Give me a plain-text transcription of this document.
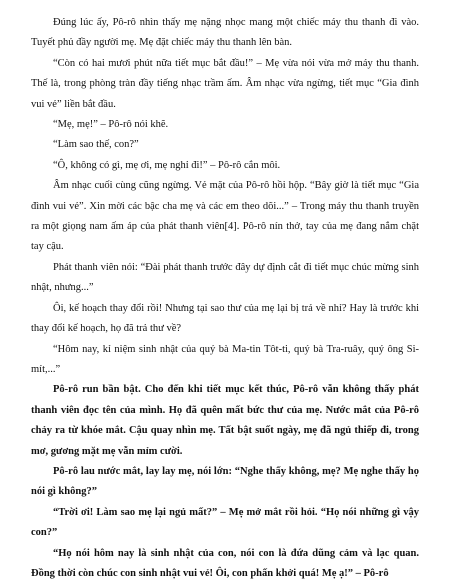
Đúng lúc ấy, Pô-rô nhìn thấy mẹ nặng nhọc mang một chiếc máy thu thanh đi vào. Tuyết phủ đầy người mẹ. Mẹ đặt chiếc máy thu thanh lên bàn.

“Còn có hai mươi phút nữa tiết mục bắt đầu!” – Mẹ vừa nói vừa mở máy thu thanh. Thế là, trong phòng tràn đầy tiếng nhạc trầm ấm. Âm nhạc vừa ngừng, tiết mục “Gia đình vui vẻ” liền bắt đầu.

“Mẹ, mẹ!” – Pô-rô nói khẽ.

“Làm sao thế, con?”

“Ô, không có gì, mẹ ơi, mẹ nghỉ đi!” – Pô-rô cắn môi.

Âm nhạc cuối cùng cũng ngừng. Vẻ mặt của Pô-rô hồi hộp. “Bây giờ là tiết mục “Gia đình vui vẻ”. Xin mời các bậc cha mẹ và các em theo dõi...” – Trong máy thu thanh truyền ra một giọng nam ấm áp của phát thanh viên[4]. Pô-rô nín thở, tay của mẹ đang nắm chặt tay cậu.

Phát thanh viên nói: “Đài phát thanh trước đây dự định cắt đi tiết mục chúc mừng sinh nhật, nhưng...”

Ôi, kế hoạch thay đổi rồi! Nhưng tại sao thư của mẹ lại bị trả về nhỉ? Hay là trước khi thay đổi kế hoạch, họ đã trả thư về?

“Hôm nay, kỉ niệm sinh nhật của quý bà Ma-tin Tôt-ti, quý bà Tra-ruây, quý ông Si-mít,...”

Pô-rô run bần bật. Cho đến khi tiết mục kết thúc, Pô-rô vẫn không thấy phát thanh viên đọc tên của mình. Họ đã quên mất bức thư của mẹ. Nước mắt của Pô-rô chảy ra từ khóe mắt. Cậu quay nhìn mẹ. Tất bật suốt ngày, mẹ đã ngủ thiếp đi, trong mơ, gương mặt mẹ vẫn mỉm cười.

Pô-rô lau nước mắt, lay lay mẹ, nói lớn: “Nghe thấy không, mẹ? Mẹ nghe thấy họ nói gì không?”

“Trời ơi! Làm sao mẹ lại ngủ mất?” – Mẹ mở mắt rồi hỏi. “Họ nói những gì vậy con?”

“Họ nói hôm nay là sinh nhật của con, nói con là đứa dũng cảm và lạc quan. Đồng thời còn chúc con sinh nhật vui vẻ! Ôi, con phấn khởi quá! Mẹ ạ!” – Pô-rô
